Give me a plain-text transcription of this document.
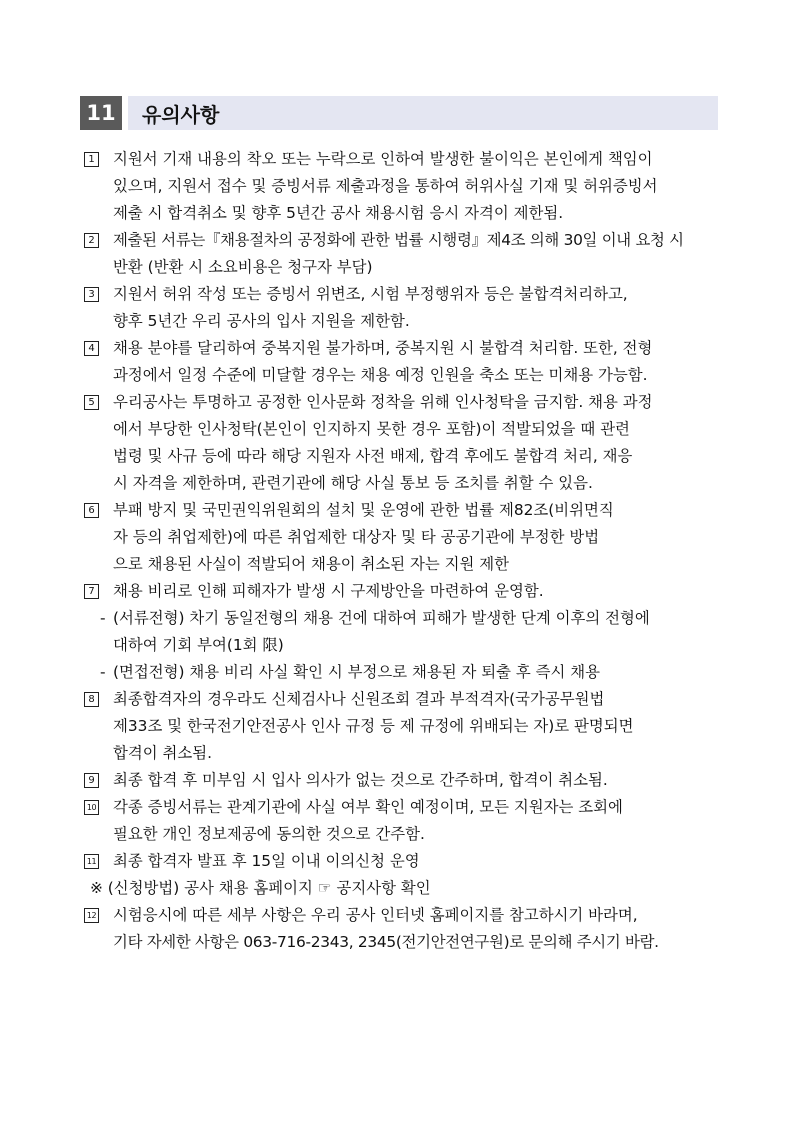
11	유의사항
1 지원서 기재 내용의 착오 또는 누락으로 인하여 발생한 불이익은 본인에게 책임이
있으며, 지원서 접수 및 증빙서류 제출과정을 통하여 허위사실 기재 및 허위증빙서
제출 시 합격취소 및 향후 5년간 공사 채용시험 응시 자격이 제한됨.
2 제출된 서류는『채용절차의 공정화에 관한 법률 시행령』제4조 의해 30일 이내 요청 시
반환 (반환 시 소요비용은 청구자 부담)
3 지원서 허위 작성 또는 증빙서 위변조, 시험 부정행위자 등은 불합격처리하고,
향후 5년간 우리 공사의 입사 지원을 제한함.
4 채용 분야를 달리하여 중복지원 불가하며, 중복지원 시 불합격 처리함. 또한, 전형
과정에서 일정 수준에 미달할 경우는 채용 예정 인원을 축소 또는 미채용 가능함.
5 우리공사는 투명하고 공정한 인사문화 정착을 위해 인사청탁을 금지함. 채용 과정
에서 부당한 인사청탁(본인이 인지하지 못한 경우 포함)이 적발되었을 때 관련
법령 및 사규 등에 따라 해당 지원자 사전 배제, 합격 후에도 불합격 처리, 재응
시 자격을 제한하며, 관련기관에 해당 사실 통보 등 조치를 취할 수 있음.
6 부패 방지 및 국민권익위원회의 설치 및 운영에 관한 법률 제82조(비위면직
자 등의 취업제한)에 따른 취업제한 대상자 및 타 공공기관에 부정한 방법
으로 채용된 사실이 적발되어 채용이 취소된 자는 지원 제한
7 채용 비리로 인해 피해자가 발생 시 구제방안을 마련하여 운영함.
- (서류전형) 차기 동일전형의 채용 건에 대하여 피해가 발생한 단계 이후의 전형에
대하여 기회 부여(1회 限)
- (면접전형) 채용 비리 사실 확인 시 부정으로 채용된 자 퇴출 후 즉시 채용
8 최종합격자의 경우라도 신체검사나 신원조회 결과 부적격자(국가공무원법
제33조 및 한국전기안전공사 인사 규정 등 제 규정에 위배되는 자)로 판명되면
합격이 취소됨.
9 최종 합격 후 미부임 시 입사 의사가 없는 것으로 간주하며, 합격이 취소됨.
10 각종 증빙서류는 관계기관에 사실 여부 확인 예정이며, 모든 지원자는 조회에
필요한 개인 정보제공에 동의한 것으로 간주함.
11 최종 합격자 발표 후 15일 이내 이의신청 운영
※ (신청방법) 공사 채용 홈페이지 ☞ 공지사항 확인
12 시험응시에 따른 세부 사항은 우리 공사 인터넷 홈페이지를 참고하시기 바라며,
기타 자세한 사항은 063-716-2343, 2345(전기안전연구원)로 문의해 주시기 바람.
